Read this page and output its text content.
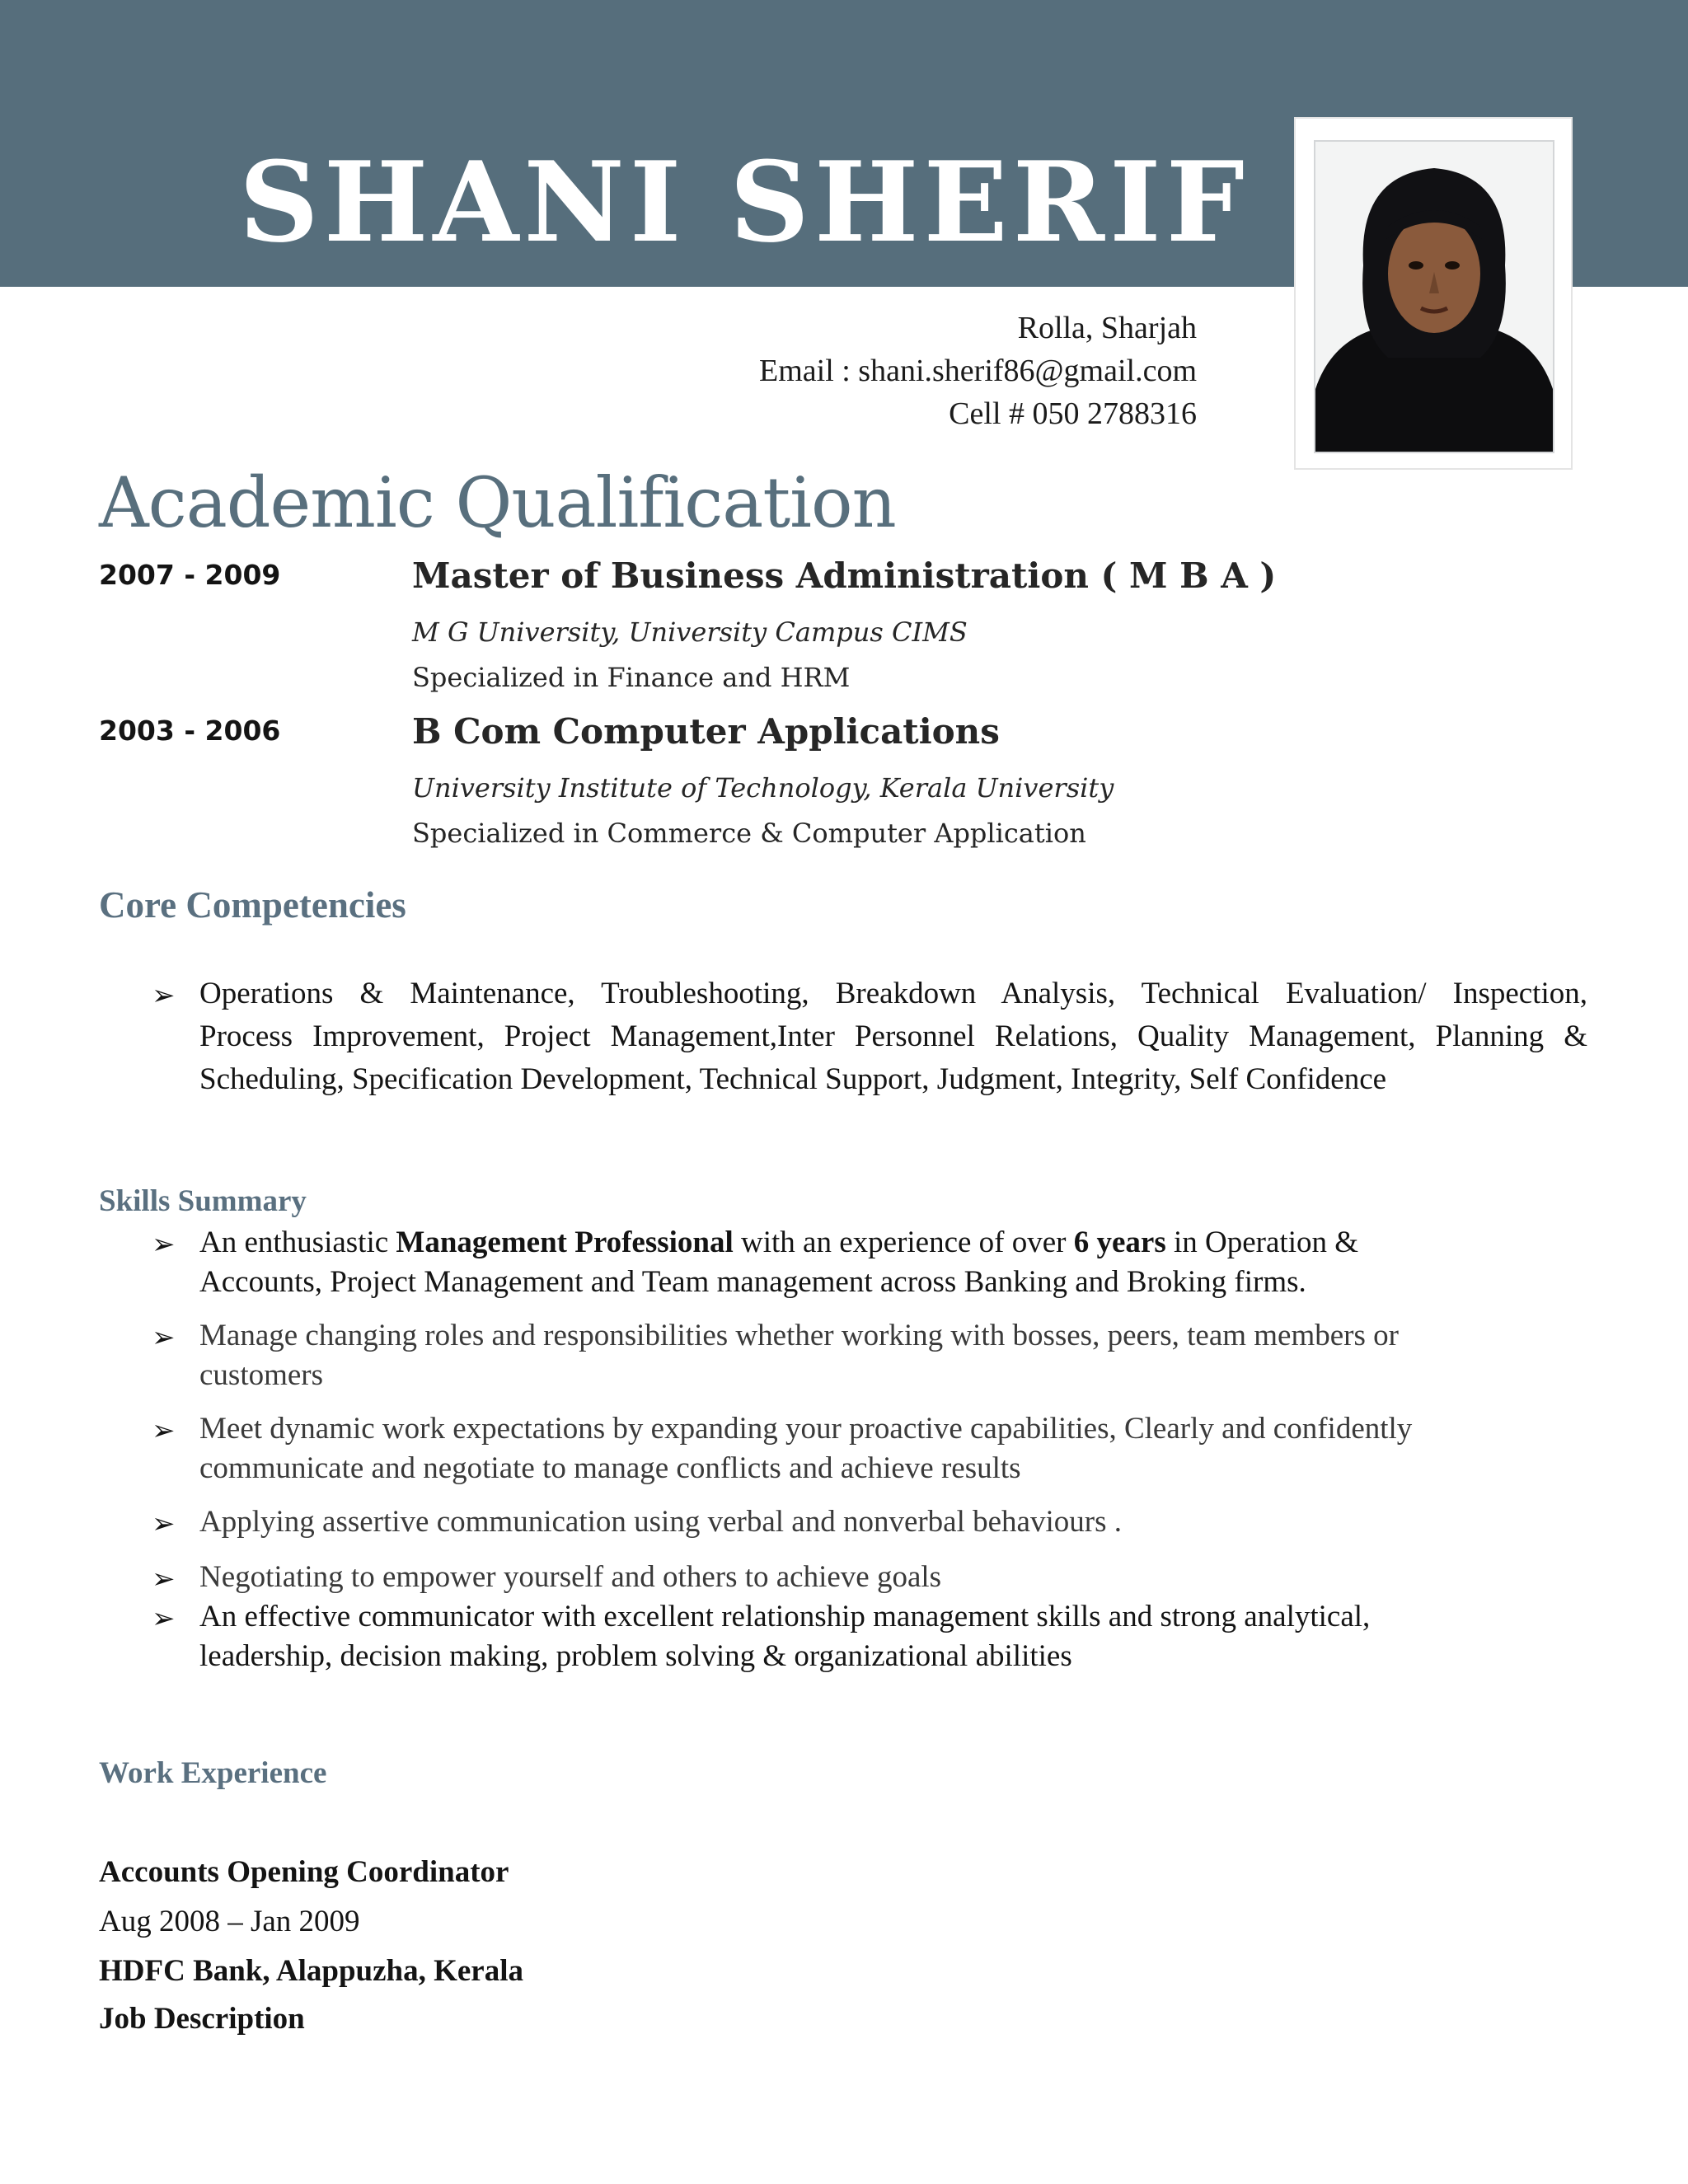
SHANI SHERIF
Rolla, Sharjah
Email : shani.sherif86@gmail.com
Cell # 050 2788316
Academic Qualification
2007 - 2009	Master of Business Administration ( M B A )
M G University, University Campus CIMS
Specialized in Finance and HRM
2003 - 2006	B Com Computer Applications
University Institute of Technology, Kerala University
Specialized in Commerce & Computer Application
Core Competencies
➢ Operations & Maintenance, Troubleshooting, Breakdown Analysis, Technical Evaluation/ Inspection,
Process Improvement, Project Management,Inter Personnel Relations, Quality Management, Planning &
Scheduling, Specification Development, Technical Support, Judgment, Integrity, Self Confidence
Skills Summary
➢ An enthusiastic Management Professional with an experience of over 6 years in Operation &
Accounts, Project Management and Team management across Banking and Broking firms.
➢ Manage changing roles and responsibilities whether working with bosses, peers, team members or
customers
➢ Meet dynamic work expectations by expanding your proactive capabilities, Clearly and confidently
communicate and negotiate to manage conflicts and achieve results
➢ Applying assertive communication using verbal and nonverbal behaviours .
➢ Negotiating to empower yourself and others to achieve goals
➢ An effective communicator with excellent relationship management skills and strong analytical,
leadership, decision making, problem solving & organizational abilities
Work Experience
Accounts Opening Coordinator
Aug 2008 – Jan 2009
HDFC Bank, Alappuzha, Kerala
Job Description
